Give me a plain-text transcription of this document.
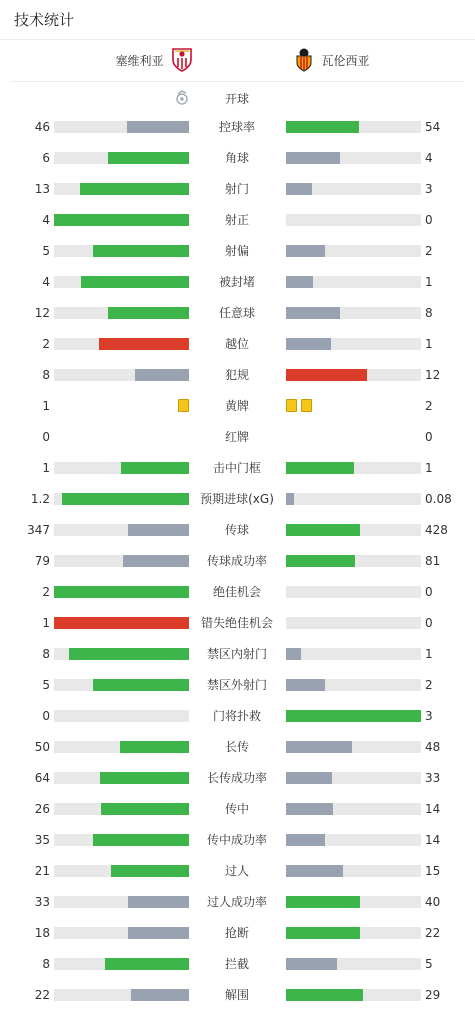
技术统计
塞维利亚	瓦伦西亚
开球
46	控球率	54
6	角球	4
13	射门	3
4	射正	0
5	射偏	2
4	被封堵	1
12	任意球	8
2	越位	1
8	犯规	12
1	黄牌	2
0	红牌	0
1	击中门框	1
1.2	预期进球(xG)	0.08
347	传球	428
79	传球成功率	81
2	绝佳机会	0
1	错失绝佳机会	0
8	禁区内射门	1
5	禁区外射门	2
0	门将扑救	3
50	长传	48
64	长传成功率	33
26	传中	14
35	传中成功率	14
21	过人	15
33	过人成功率	40
18	抢断	22
8	拦截	5
22	解围	29
